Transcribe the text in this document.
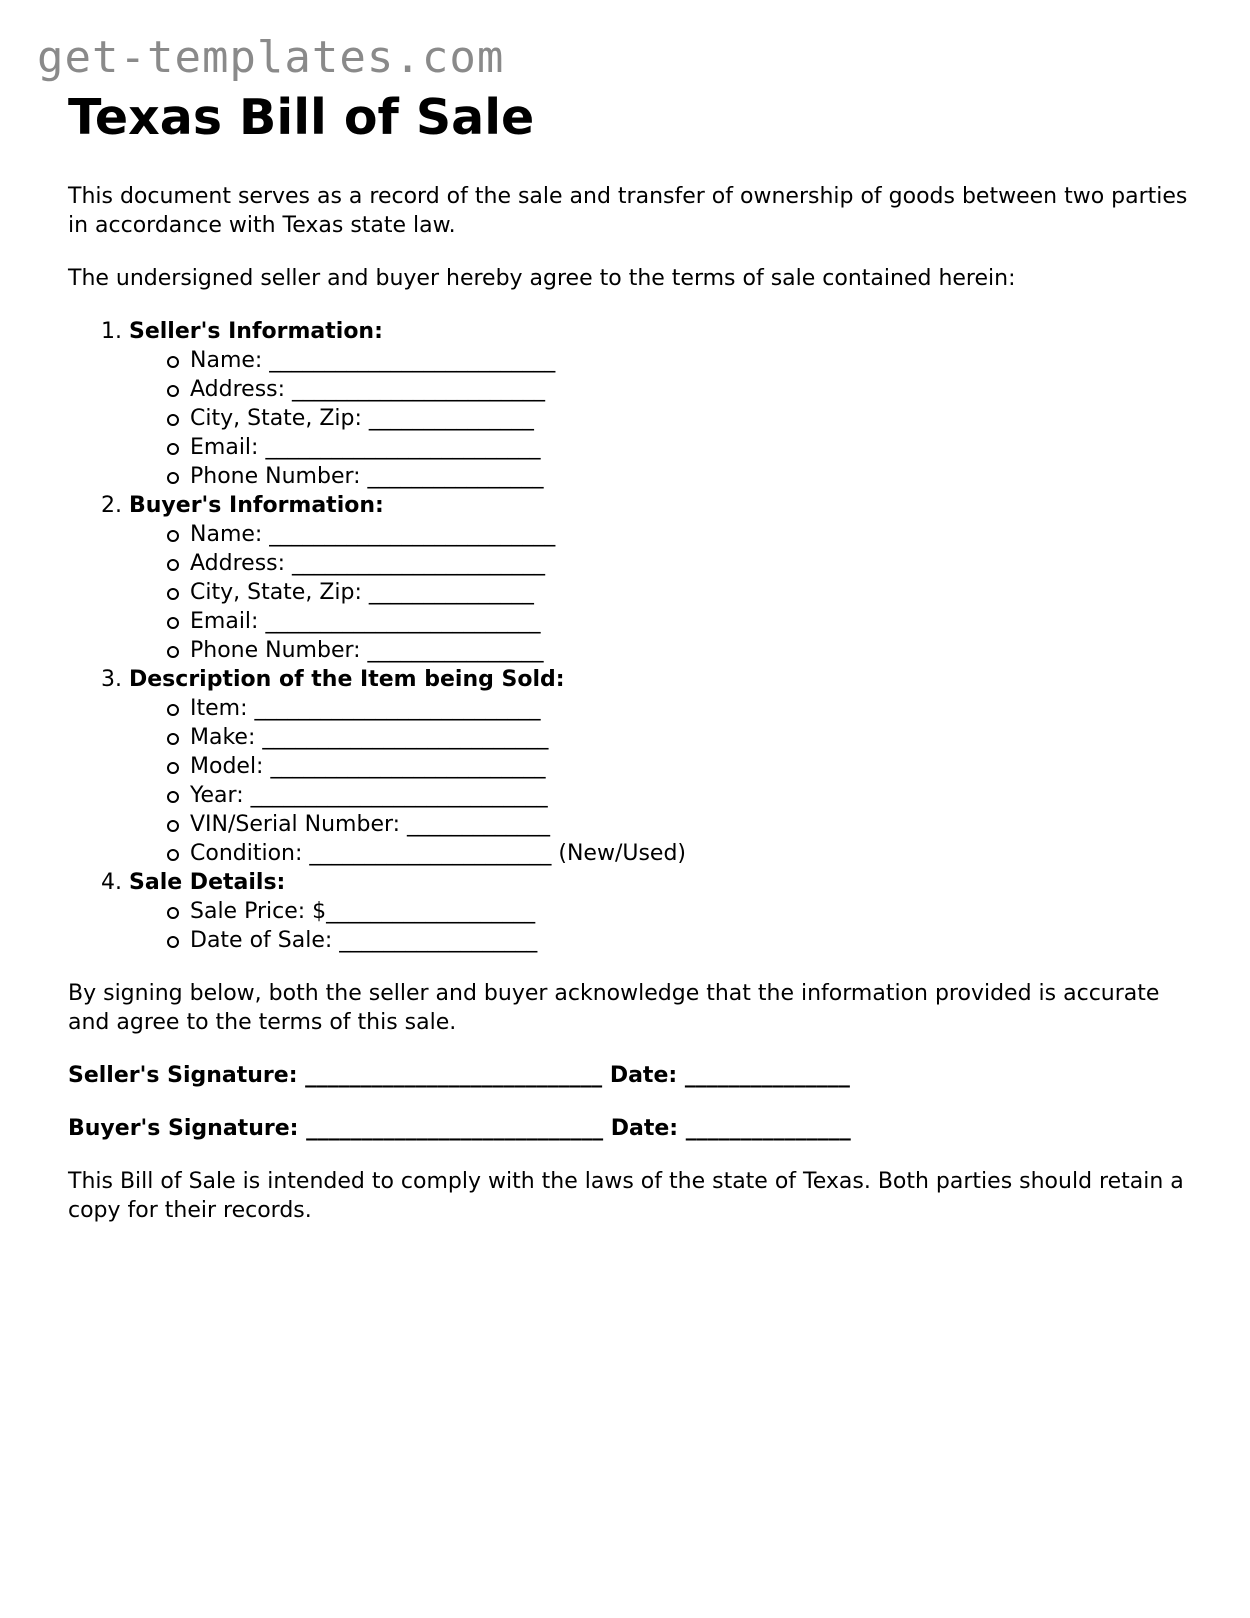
get-templates.com
Texas Bill of Sale

This document serves as a record of the sale and transfer of ownership of goods between two parties in accordance with Texas state law.

The undersigned seller and buyer hereby agree to the terms of sale contained herein:

1. Seller's Information:
Name: __________________________
Address: _______________________
City, State, Zip: _______________
Email: _________________________
Phone Number: ________________
2. Buyer's Information:
Name: __________________________
Address: _______________________
City, State, Zip: _______________
Email: _________________________
Phone Number: ________________
3. Description of the Item being Sold:
Item: __________________________
Make: __________________________
Model: _________________________
Year: ___________________________
VIN/Serial Number: _____________
Condition: ______________________ (New/Used)
4. Sale Details:
Sale Price: $___________________
Date of Sale: __________________

By signing below, both the seller and buyer acknowledge that the information provided is accurate and agree to the terms of this sale.

Seller's Signature: ___________________________ Date: _______________

Buyer's Signature: ___________________________ Date: _______________

This Bill of Sale is intended to comply with the laws of the state of Texas. Both parties should retain a copy for their records.
